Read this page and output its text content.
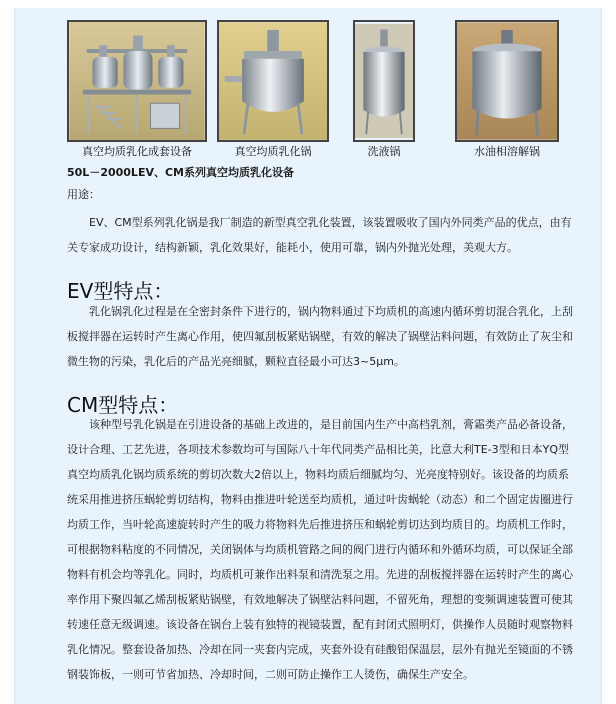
真空均质乳化成套设备	真空均质乳化锅	洗液锅	水油相溶解锅
50L－2000LEV、CM系列真空均质乳化设备
用途：
EV、CM型系列乳化锅是我厂制造的新型真空乳化装置，该装置吸收了国内外同类产品的优点，由有关专家成功设计，结构新颖，乳化效果好，能耗小，使用可靠，锅内外抛光处理，美观大方。
EV型特点：
乳化锅乳化过程是在全密封条件下进行的，锅内物料通过下均质机的高速内循环剪切混合乳化，上刮板搅拌器在运转时产生离心作用，使四氟刮板紧贴锅壁，有效的解决了锅壁沾料问题，有效防止了灰尘和微生物的污染，乳化后的产品光亮细腻，颗粒直径最小可达3~5μm。
CM型特点：
该种型号乳化锅是在引进设备的基础上改进的，是目前国内生产中高档乳剂，膏霜类产品必备设备，设计合理、工艺先进，各项技术参数均可与国际八十年代同类产品相比美，比意大利TE-3型和日本YQ型真空均质乳化锅均质系统的剪切次数大2倍以上，物料均质后细腻均匀、光亮度特别好。该设备的均质系统采用推进挤压蜗轮剪切结构，物料由推进叶轮送至均质机，通过叶齿蜗轮（动态）和二个固定齿圈进行均质工作，当叶轮高速旋转时产生的吸力将物料先后推进挤压和蜗轮剪切达到均质目的。均质机工作时，可根据物料粘度的不同情况，关闭锅体与均质机管路之间的阀门进行内循环和外循环均质，可以保证全部物料有机会均等乳化。同时，均质机可兼作出料泵和清洗泵之用。先进的刮板搅拌器在运转时产生的离心率作用下聚四氟乙烯刮板紧贴锅壁，有效地解决了锅壁沾料问题，不留死角，理想的变频调速装置可使其转速任意无级调速。该设备在锅台上装有独特的视镜装置，配有封闭式照明灯，供操作人员随时观察物料乳化情况。整套设备加热、冷却在同一夹套内完成，夹套外设有硅酸铝保温层，层外有抛光至镜面的不锈钢装饰板，一则可节省加热、冷却时间，二则可防止操作工人烫伤，确保生产安全。
